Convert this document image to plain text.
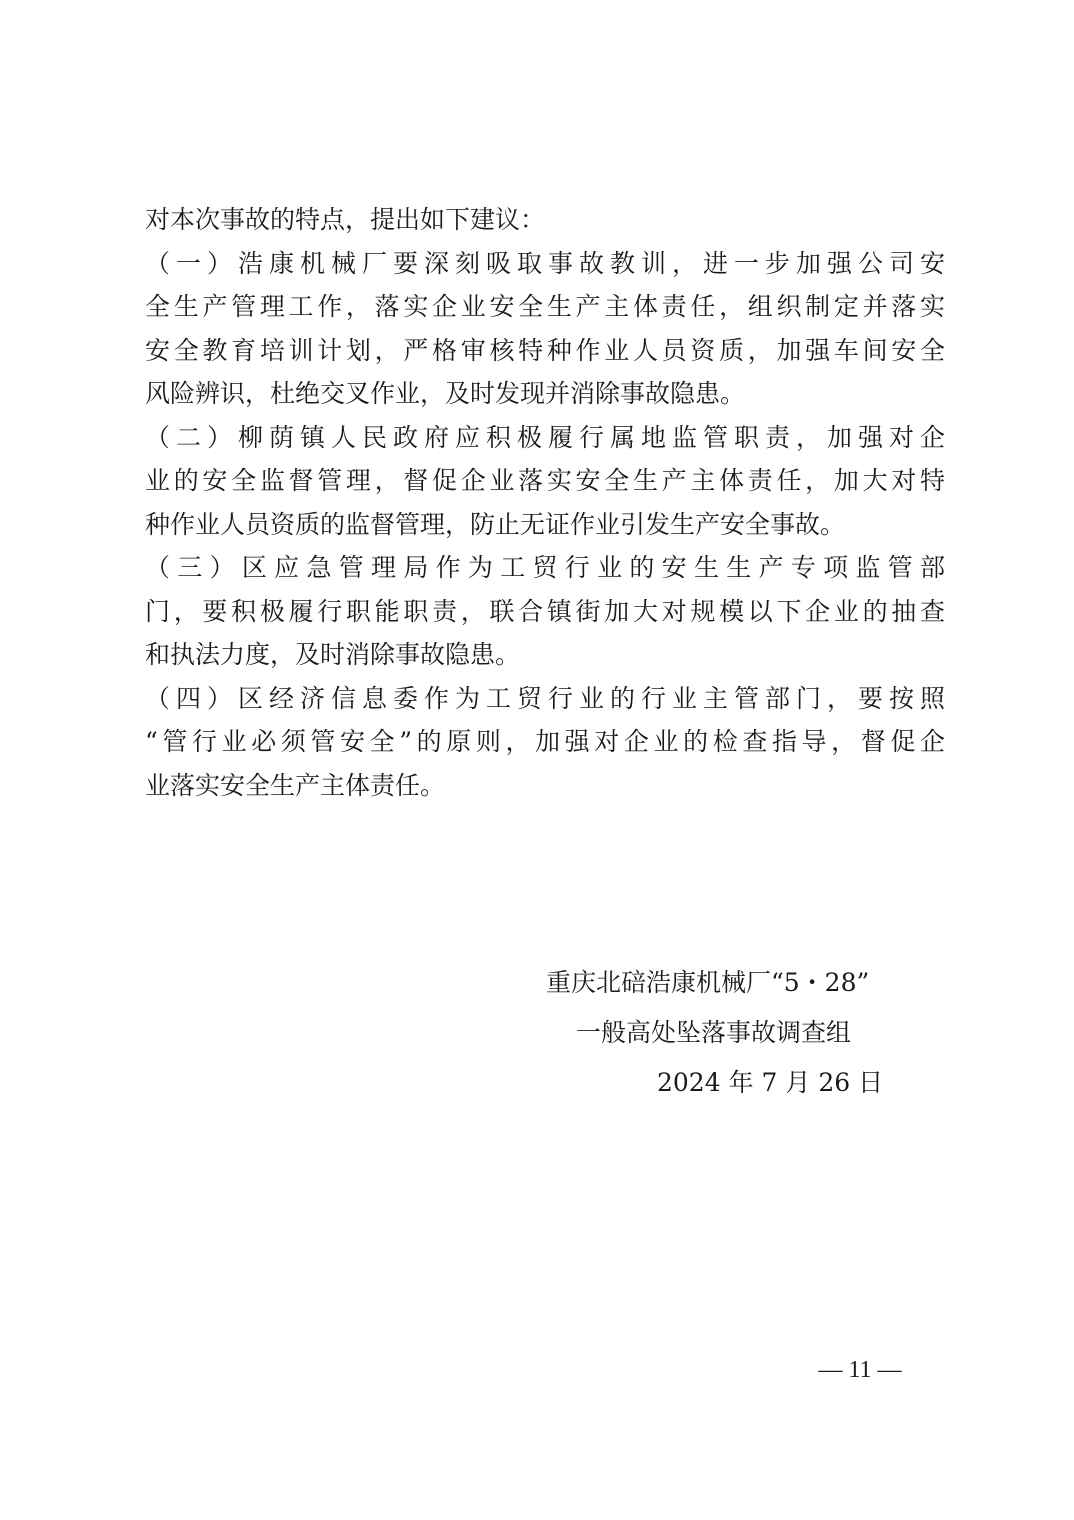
对本次事故的特点，提出如下建议：
（一）浩康机械厂要深刻吸取事故教训，进一步加强公司安
全生产管理工作，落实企业安全生产主体责任，组织制定并落实
安全教育培训计划，严格审核特种作业人员资质，加强车间安全
风险辨识，杜绝交叉作业，及时发现并消除事故隐患。
（二）柳荫镇人民政府应积极履行属地监管职责，加强对企
业的安全监督管理，督促企业落实安全生产主体责任，加大对特
种作业人员资质的监督管理，防止无证作业引发生产安全事故。
（三）区应急管理局作为工贸行业的安生生产专项监管部
门，要积极履行职能职责，联合镇街加大对规模以下企业的抽查
和执法力度，及时消除事故隐患。
（四）区经济信息委作为工贸行业的行业主管部门，要按照
“管行业必须管安全”的原则，加强对企业的检查指导，督促企
业落实安全生产主体责任。
重庆北碚浩康机械厂“5・28”
一般高处坠落事故调查组
2024 年 7 月 26 日
— 11 —
